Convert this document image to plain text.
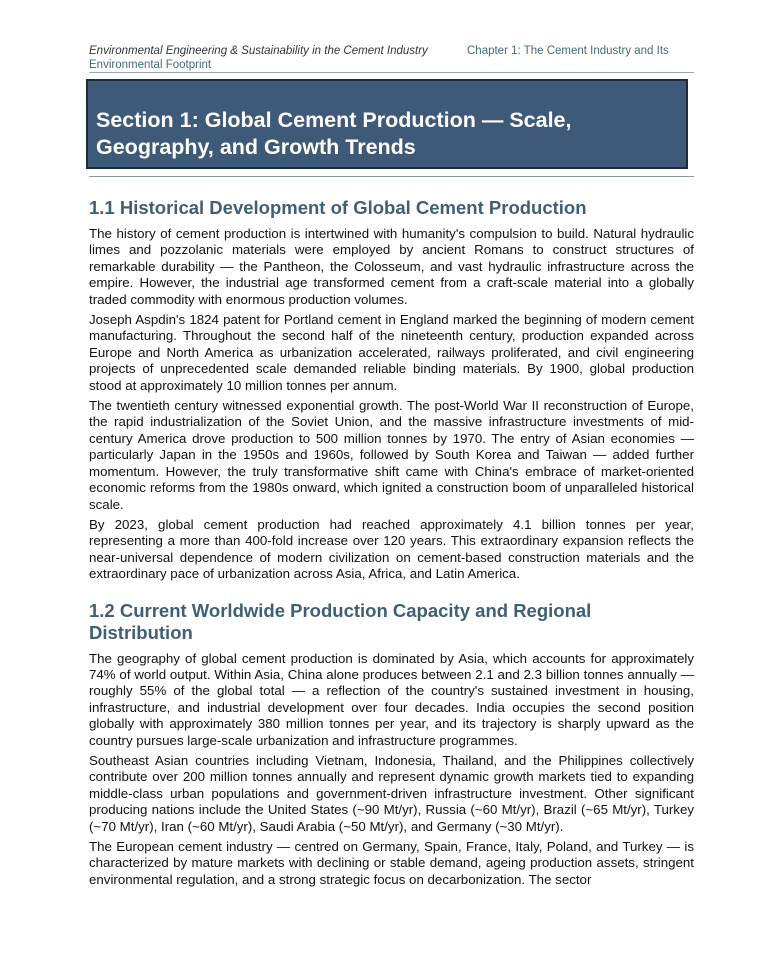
Environmental Engineering & Sustainability in the Cement Industry
Environmental Footprint
Chapter 1: The Cement Industry and Its
Section 1: Global Cement Production — Scale,
Geography, and Growth Trends
1.1 Historical Development of Global Cement Production

The history of cement production is intertwined with humanity's compulsion to build. Natural hydraulic limes and pozzolanic materials were employed by ancient Romans to construct structures of remarkable durability — the Pantheon, the Colosseum, and vast hydraulic infrastructure across the empire. However, the industrial age transformed cement from a craft-scale material into a globally traded commodity with enormous production volumes.

Joseph Aspdin's 1824 patent for Portland cement in England marked the beginning of modern cement manufacturing. Throughout the second half of the nineteenth century, production expanded across Europe and North America as urbanization accelerated, railways proliferated, and civil engineering projects of unprecedented scale demanded reliable binding materials. By 1900, global production stood at approximately 10 million tonnes per annum.

The twentieth century witnessed exponential growth. The post-World War II reconstruction of Europe, the rapid industrialization of the Soviet Union, and the massive infrastructure investments of mid-century America drove production to 500 million tonnes by 1970. The entry of Asian economies — particularly Japan in the 1950s and 1960s, followed by South Korea and Taiwan — added further momentum. However, the truly transformative shift came with China's embrace of market-oriented economic reforms from the 1980s onward, which ignited a construction boom of unparalleled historical scale.

By 2023, global cement production had reached approximately 4.1 billion tonnes per year, representing a more than 400-fold increase over 120 years. This extraordinary expansion reflects the near-universal dependence of modern civilization on cement-based construction materials and the extraordinary pace of urbanization across Asia, Africa, and Latin America.

1.2 Current Worldwide Production Capacity and Regional
Distribution

The geography of global cement production is dominated by Asia, which accounts for approximately 74% of world output. Within Asia, China alone produces between 2.1 and 2.3 billion tonnes annually — roughly 55% of the global total — a reflection of the country's sustained investment in housing, infrastructure, and industrial development over four decades. India occupies the second position globally with approximately 380 million tonnes per year, and its trajectory is sharply upward as the country pursues large-scale urbanization and infrastructure programmes.

Southeast Asian countries including Vietnam, Indonesia, Thailand, and the Philippines collectively contribute over 200 million tonnes annually and represent dynamic growth markets tied to expanding middle-class urban populations and government-driven infrastructure investment. Other significant producing nations include the United States (~90 Mt/yr), Russia (~60 Mt/yr), Brazil (~65 Mt/yr), Turkey (~70 Mt/yr), Iran (~60 Mt/yr), Saudi Arabia (~50 Mt/yr), and Germany (~30 Mt/yr).

The European cement industry — centred on Germany, Spain, France, Italy, Poland, and Turkey — is characterized by mature markets with declining or stable demand, ageing production assets, stringent environmental regulation, and a strong strategic focus on decarbonization. The sector
